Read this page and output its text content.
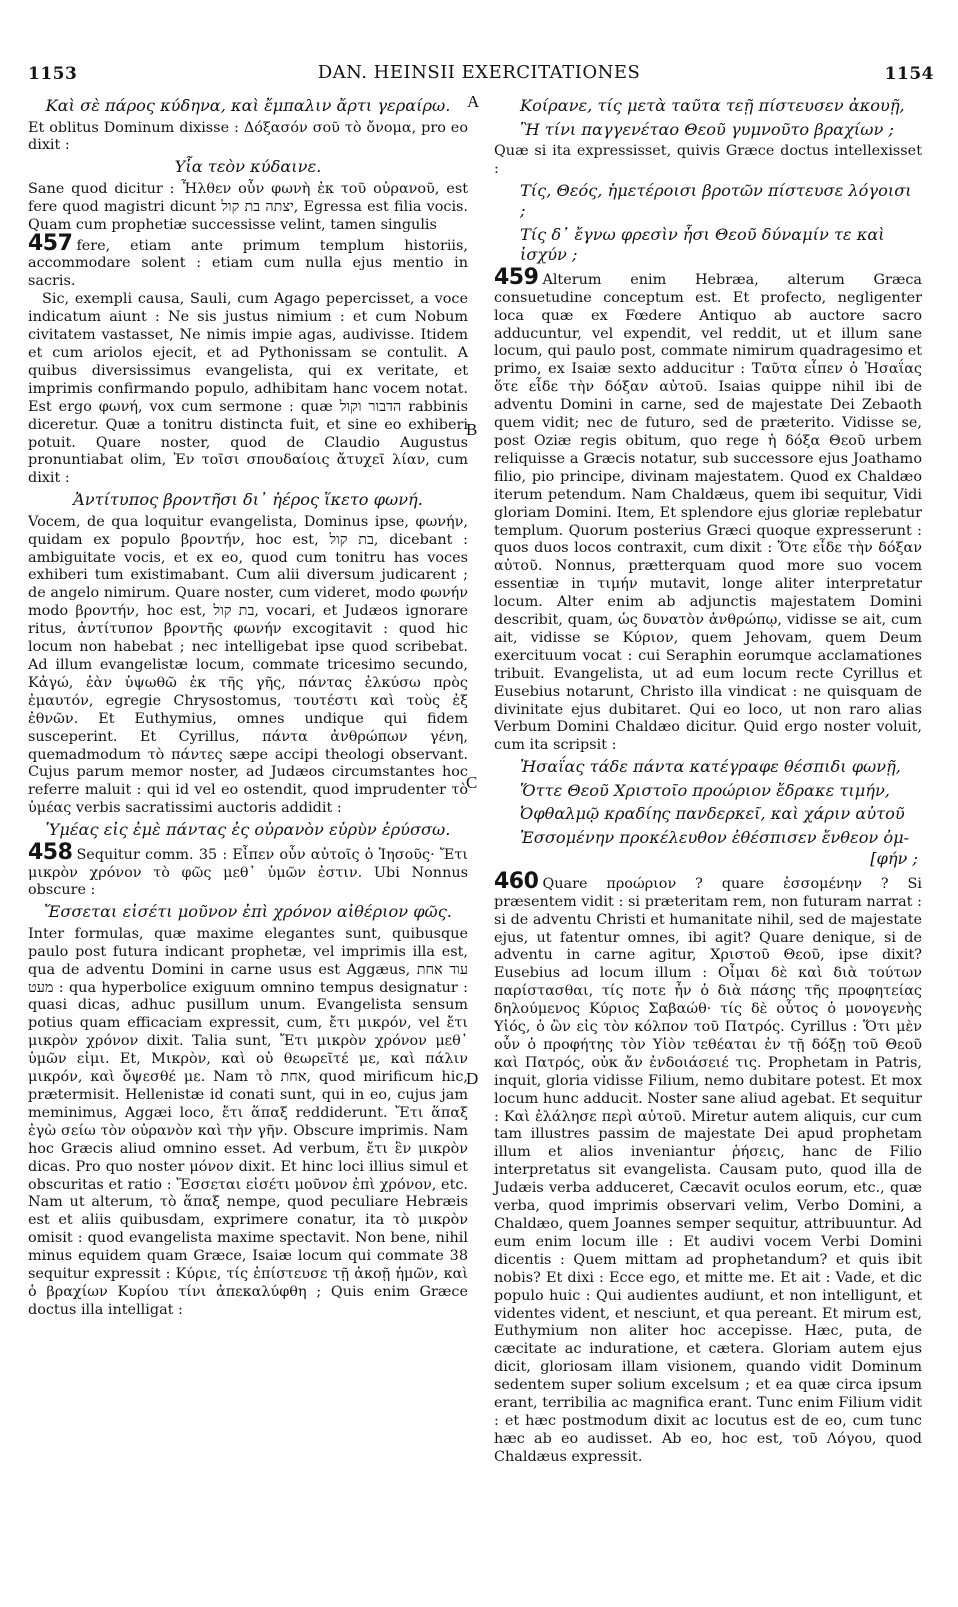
1153	DAN. HEINSII EXERCITATIONES	1154
A
B
C
D
Καὶ σὲ πάρος κύδηνα, καὶ ἔμπαλιν ἄρτι γεραίρω.

Et oblitus Dominum dixisse : Δόξασόν σοῦ τὸ ὄνομα, pro eo dixit :

Υἷα τεὸν κύδαινε.

Sane quod dicitur : Ἦλθεν οὖν φωνὴ ἐκ τοῦ οὐρανοῦ, est fere quod magistri dicunt יצתה בת קול, Egressa est filia vocis. Quam cum prophetiæ successisse velint, tamen singulis

457 fere, etiam ante primum templum historiis, accommodare solent : etiam cum nulla ejus mentio in sacris.

Sic, exempli causa, Sauli, cum Agago pepercisset, a voce indicatum aiunt : Ne sis justus nimium : et cum Nobum civitatem vastasset, Ne nimis impie agas, audivisse. Itidem et cum ariolos ejecit, et ad Pythonissam se contulit. A quibus diversissimus evangelista, qui ex veritate, et imprimis confirmando populo, adhibitam hanc vocem notat. Est ergo φωνή, vox cum sermone : quæ הדבור וקול rabbinis diceretur. Quæ a tonitru distincta fuit, et sine eo exhiberi potuit. Quare noster, quod de Claudio Augustus pronuntiabat olim, Ἐν τοῖσι σπουδαίοις ἄτυχεῖ λίαν, cum dixit :

Ἀντίτυπος βροντῆσι δι᾽ ἠέρος ἵκετο φωνή.

Vocem, de qua loquitur evangelista, Dominus ipse, φωνήν, quidam ex populo βροντήν, hoc est, בת קול, dicebant : ambiguitate vocis, et ex eo, quod cum tonitru has voces exhiberi tum existimabant. Cum alii diversum judicarent ; de angelo nimirum. Quare noster, cum videret, modo φωνήν modo βροντήν, hoc est, בת קול, vocari, et Judæos ignorare ritus, ἀντίτυπον βροντῆς φωνήν excogitavit : quod hic locum non habebat ; nec intelligebat ipse quod scribebat. Ad illum evangelistæ locum, commate tricesimo secundo, Κἀγώ, ἐὰν ὑψωθῶ ἐκ τῆς γῆς, πάντας ἑλκύσω πρὸς ἐμαυτόν, egregie Chrysostomus, τουτέστι καὶ τοὺς ἐξ ἐθνῶν. Et Euthymius, omnes undique qui fidem susceperint. Et Cyrillus, πάντα ἀνθρώπων γένη, quemadmodum τὸ πάντες sæpe accipi theologi observant. Cujus parum memor noster, ad Judæos circumstantes hoc referre maluit : qui id vel eo ostendit, quod imprudenter τὸ ὑμέας verbis sacratissimi auctoris addidit :

Ὑμέας εἰς ἐμὲ πάντας ἐς οὐρανὸν εὐρὺν ἐρύσσω.

458 Sequitur comm. 35 : Εἶπεν οὖν αὐτοῖς ὁ Ἰησοῦς· Ἔτι μικρὸν χρόνον τὸ φῶς μεθ᾽ ὑμῶν ἐστιν. Ubi Nonnus obscure :

Ἔσσεται εἰσέτι μοῦνον ἐπὶ χρόνον αἰθέριον φῶς.

Inter formulas, quæ maxime elegantes sunt, quibusque paulo post futura indicant prophetæ, vel imprimis illa est, qua de adventu Domini in carne usus est Aggæus, עוד אחת מעט : qua hyperbolice exiguum omnino tempus designatur : quasi dicas, adhuc pusillum unum. Evangelista sensum potius quam efficaciam expressit, cum, ἔτι μικρόν, vel ἔτι μικρὸν χρόνον dixit. Talia sunt, Ἔτι μικρὸν χρόνον μεθ᾽ ὑμῶν εἰμι. Et, Μικρὸν, καὶ οὐ θεωρεῖτέ με, καὶ πάλιν μικρόν, καὶ ὄψεσθέ με. Nam τὸ אחת, quod mirificum hic, prætermisit. Hellenistæ id conati sunt, qui in eo, cujus jam meminimus, Aggæi loco, ἔτι ἅπαξ reddiderunt. Ἔτι ἅπαξ ἐγὼ σείω τὸν οὐρανὸν καὶ τὴν γῆν. Obscure imprimis. Nam hoc Græcis aliud omnino esset. Ad verbum, ἔτι ἓν μικρὸν dicas. Pro quo noster μόνον dixit. Et hinc loci illius simul et obscuritas et ratio : Ἔσσεται εἰσέτι μοῦνον ἐπὶ χρόνον, etc. Nam ut alterum, τὸ ἅπαξ nempe, quod peculiare Hebræis est et aliis quibusdam, exprimere conatur, ita τὸ μικρὸν omisit : quod evangelista maxime spectavit. Non bene, nihil minus equidem quam Græce, Isaiæ locum qui commate 38 sequitur expressit : Κύριε, τίς ἐπίστευσε τῇ ἀκοῇ ἡμῶν, καὶ ὁ βραχίων Κυρίου τίνι ἀπεκαλύφθη ; Quis enim Græce doctus illa intelligat :

Κοίρανε, τίς μετὰ ταῦτα τεῇ πίστευσεν ἀκουῇ,
Ἢ τίνι παγγενέταο Θεοῦ γυμνοῦτο βραχίων ;

Quæ si ita expressisset, quivis Græce doctus intellexisset :

Τίς, Θεός, ἡμετέροισι βροτῶν πίστευσε λόγοισι ;
Τίς δ᾽ ἔγνω φρεσὶν ἧσι Θεοῦ δύναμίν τε καὶ ἰσχύν ;

459 Alterum enim Hebræa, alterum Græca consuetudine conceptum est. Et profecto, negligenter loca quæ ex Fœdere Antiquo ab auctore sacro adducuntur, vel expendit, vel reddit, ut et illum sane locum, qui paulo post, commate nimirum quadragesimo et primo, ex Isaiæ sexto adducitur : Ταῦτα εἶπεν ὁ Ἠσαΐας ὅτε εἶδε τὴν δόξαν αὐτοῦ. Isaias quippe nihil ibi de adventu Domini in carne, sed de majestate Dei Zebaoth quem vidit; nec de futuro, sed de præterito. Vidisse se, post Oziæ regis obitum, quo rege ἡ δόξα Θεοῦ urbem reliquisse a Græcis notatur, sub successore ejus Joathamo filio, pio principe, divinam majestatem. Quod ex Chaldæo iterum petendum. Nam Chaldæus, quem ibi sequitur, Vidi gloriam Domini. Item, Et splendore ejus gloriæ replebatur templum. Quorum posterius Græci quoque expresserunt : quos duos locos contraxit, cum dixit : Ὅτε εἶδε τὴν δόξαν αὐτοῦ. Nonnus, prætterquam quod more suo vocem essentiæ in τιμήν mutavit, longe aliter interpretatur locum. Alter enim ab adjunctis majestatem Domini describit, quam, ὡς δυνατὸν ἀνθρώπῳ, vidisse se ait, cum ait, vidisse se Κύριον, quem Jehovam, quem Deum exercituum vocat : cui Seraphin eorumque acclamationes tribuit. Evangelista, ut ad eum locum recte Cyrillus et Eusebius notarunt, Christo illa vindicat : ne quisquam de divinitate ejus dubitaret. Qui eo loco, ut non raro alias Verbum Domini Chaldæo dicitur. Quid ergo noster voluit, cum ita scripsit :

Ἠσαΐας τάδε πάντα κατέγραφε θέσπιδι φωνῇ,
Ὅττε Θεοῦ Χριστοῖο προώριον ἔδρακε τιμήν,
Ὀφθαλμῷ κραδίης πανδερκεῖ, καὶ χάριν αὐτοῦ
Ἐσσομένην προκέλευθον ἐθέσπισεν ἔνθεον ὀμ-
[φήν ;

460 Quare προώριον ? quare ἐσσομένην ? Si præsentem vidit : si præteritam rem, non futuram narrat : si de adventu Christi et humanitate nihil, sed de majestate ejus, ut fatentur omnes, ibi agit? Quare denique, si de adventu in carne agitur, Χριστοῦ Θεοῦ, ipse dixit? Eusebius ad locum illum : Οἶμαι δὲ καὶ διὰ τούτων παρίστασθαι, τίς ποτε ἦν ὁ διὰ πάσης τῆς προφητείας δηλούμενος Κύριος Σαβαώθ· τίς δὲ οὗτος ὁ μονογενὴς Υἱός, ὁ ὢν εἰς τὸν κόλπον τοῦ Πατρός. Cyrillus : Ὅτι μὲν οὖν ὁ προφήτης τὸν Υἱὸν τεθέαται ἐν τῇ δόξῃ τοῦ Θεοῦ καὶ Πατρός, οὐκ ἄν ἐνδοιάσειέ τις. Prophetam in Patris, inquit, gloria vidisse Filium, nemo dubitare potest. Et mox locum hunc adducit. Noster sane aliud agebat. Et sequitur : Καὶ ἐλάλησε περὶ αὐτοῦ. Miretur autem aliquis, cur cum tam illustres passim de majestate Dei apud prophetam illum et alios inveniantur ῥήσεις, hanc de Filio interpretatus sit evangelista. Causam puto, quod illa de Judæis verba adduceret, Cæcavit oculos eorum, etc., quæ verba, quod imprimis observari velim, Verbo Domini, a Chaldæo, quem Joannes semper sequitur, attribuuntur. Ad eum enim locum ille : Et audivi vocem Verbi Domini dicentis : Quem mittam ad prophetandum? et quis ibit nobis? Et dixi : Ecce ego, et mitte me. Et ait : Vade, et dic populo huic : Qui audientes audiunt, et non intelligunt, et videntes vident, et nesciunt, et qua pereant. Et mirum est, Euthymium non aliter hoc accepisse. Hæc, puta, de cæcitate ac induratione, et cætera. Gloriam autem ejus dicit, gloriosam illam visionem, quando vidit Dominum sedentem super solium excelsum ; et ea quæ circa ipsum erant, terribilia ac magnifica erant. Tunc enim Filium vidit : et hæc postmodum dixit ac locutus est de eo, cum tunc hæc ab eo audisset. Ab eo, hoc est, τοῦ Λόγου, quod Chaldæus expressit.
